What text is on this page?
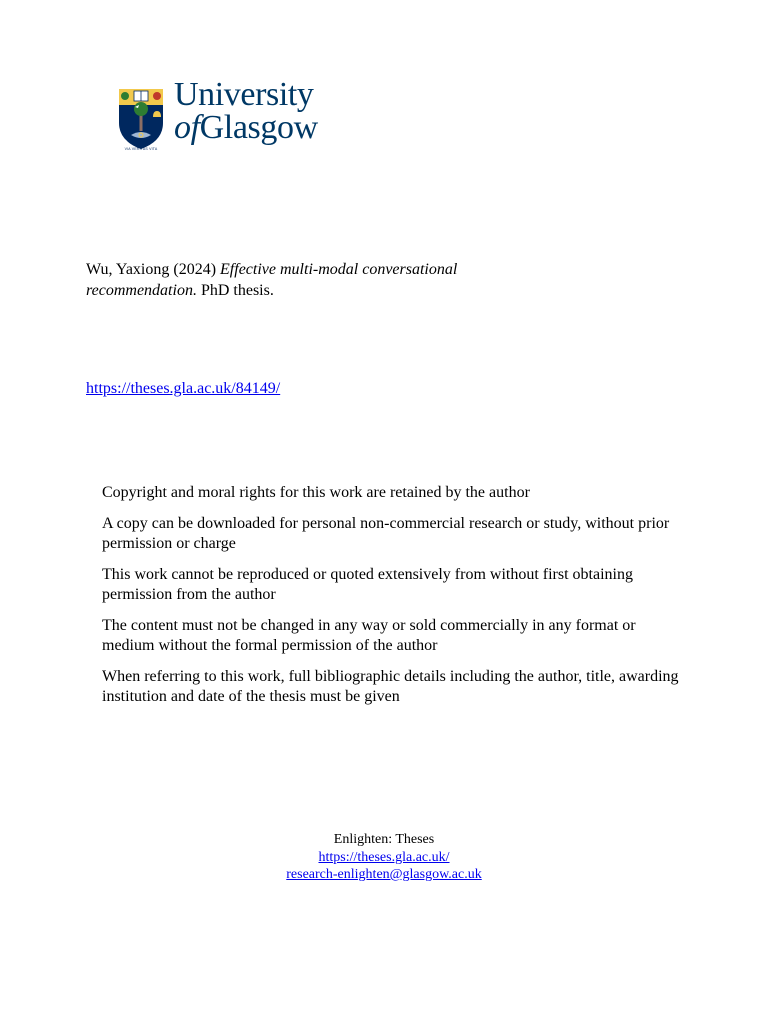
VIA VERITAS VITA
University
ofGlasgow
Wu, Yaxiong (2024) Effective multi-modal conversational recommendation. PhD thesis.
https://theses.gla.ac.uk/84149/

Copyright and moral rights for this work are retained by the author

A copy can be downloaded for personal non-commercial research or study, without prior permission or charge

This work cannot be reproduced or quoted extensively from without first obtaining permission from the author

The content must not be changed in any way or sold commercially in any format or medium without the formal permission of the author

When referring to this work, full bibliographic details including the author, title, awarding institution and date of the thesis must be given

Enlighten: Theses
https://theses.gla.ac.uk/
research-enlighten@glasgow.ac.uk
